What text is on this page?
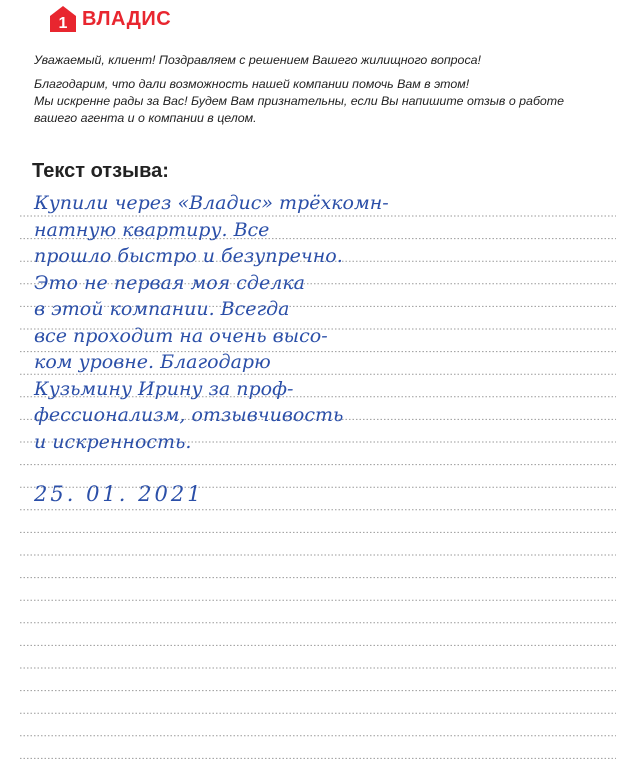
1 ВЛАДИС

Уважаемый, клиент! Поздравляем с решением Вашего жилищного вопроса!

Благодарим, что дали возможность нашей компании помочь Вам в этом!

Мы искренне рады за Вас! Будем Вам признательны, если Вы напишите отзыв о работе

вашего агента и о компании в целом.

Текст отзыва:
Купили через «Владис» трёхкомн-
натную квартиру. Все
прошло быстро и безупречно.
Это не первая моя сделка
в этой компании. Всегда
все проходит на очень высо-
ком уровне. Благодарю
Кузьмину Ирину за проф-
фессионализм, отзывчивость
и искренность.
25. 01. 2021
